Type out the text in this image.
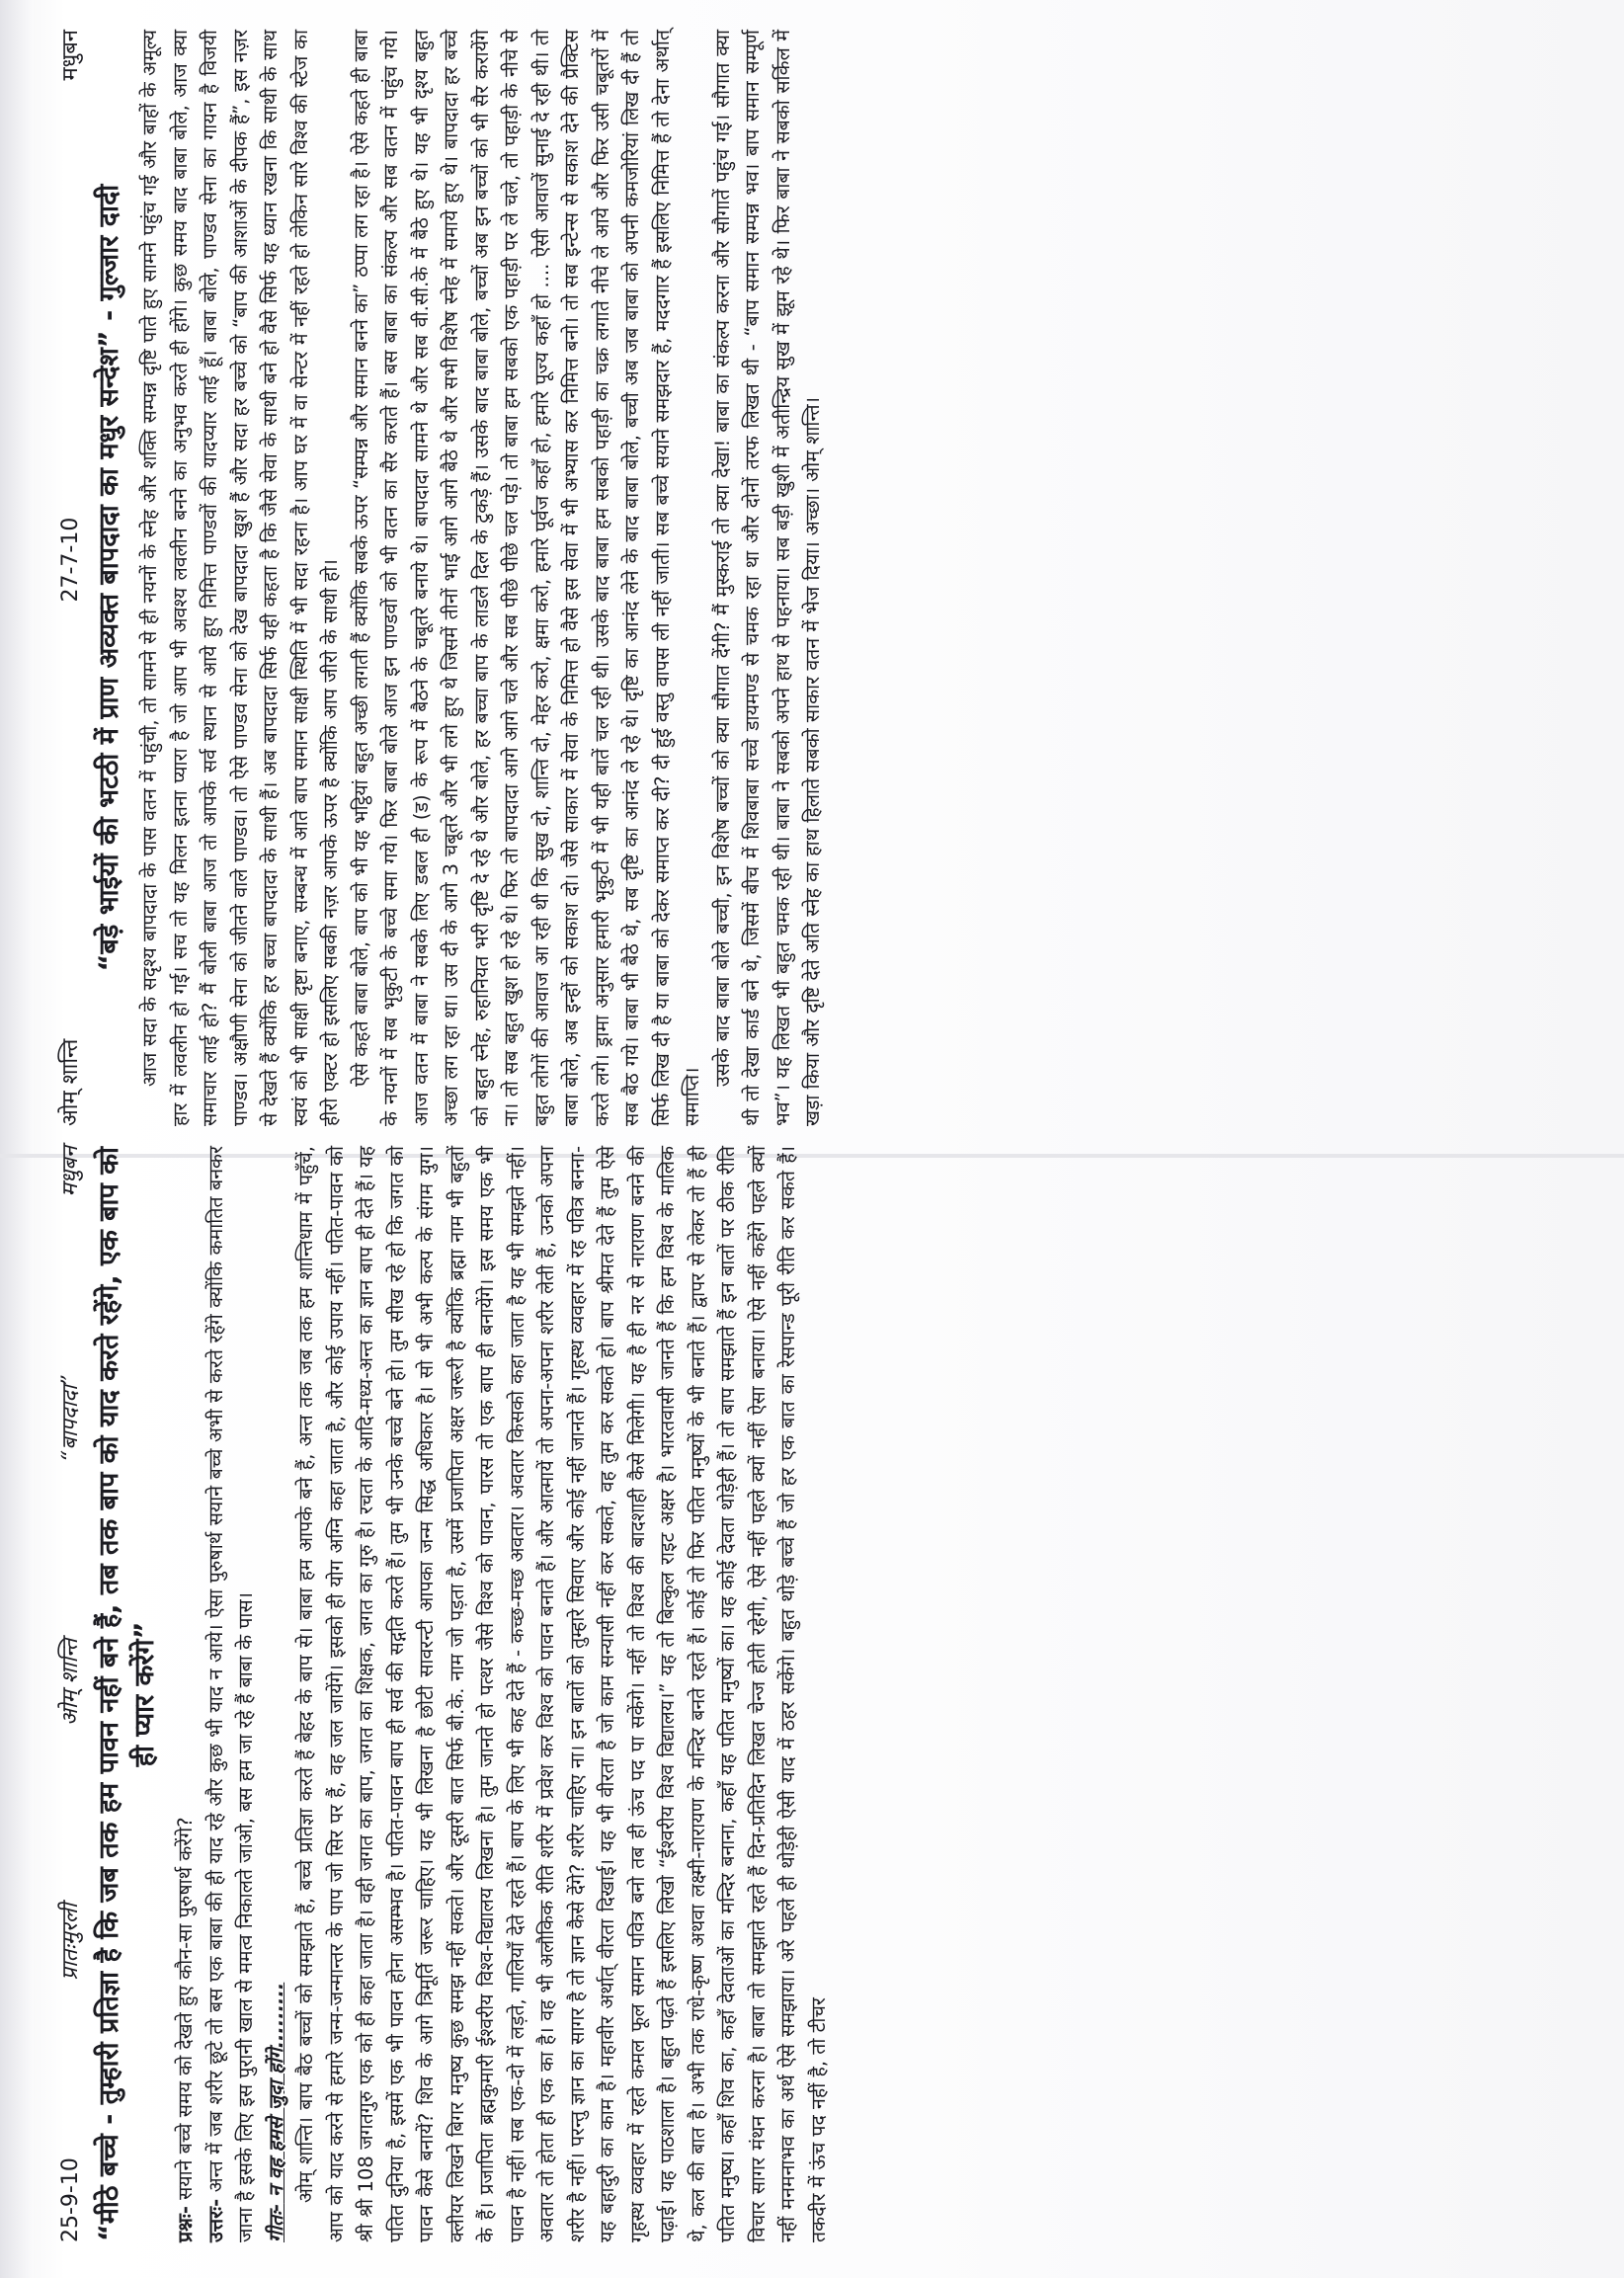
ओम् शान्ति
27-7-10
मधुबन
“बड़े भाईयों की भटठी में प्राण अव्यक्त बापदादा का मधुर सन्देश” - गुल्जार दादी आज सदा के सदृश्य बापदादा के पास वतन में पहुंची, तो सामने से ही नयनों के स्नेह और शक्ति सम्पन्न दृष्टि पाते हुए सामने पहुंच गई और बाहों के अमूल्य हार में लवलीन हो गई। सच तो यह मिलन इतना प्यारा है जो आप भी अवश्य लवलीन बनने का अनुभव करते ही होंगे। कुछ समय बाद बाबा बोले, आज क्या समाचार लाई हो? मैं बोली बाबा आज तो आपके सर्व स्थान से आये हुए निमित्त पाण्डवों की यादप्यार लाई हूँ। बाबा बोले, पाण्डव सेना का गायन है विजयी पाण्डव। अक्षौणी सेना को जीतने वाले पाण्डव। तो ऐसे पाण्डव सेना को देख बापदादा खुश हैं और सदा हर बच्चे को “बाप की आशाओं के दीपक हैं”, इस नज़र से देखते हैं क्योंकि हर बच्चा बापदादा के साथी हैं। अब बापदादा सिर्फ यही कहता है कि जैसे सेवा के साथी बने हो वैसे सिर्फ यह ध्यान रखना कि साथी के साथ स्वयं को भी साक्षी दृष्टा बनाए, सम्बन्ध में आते बाप समान साक्षी स्थिति में भी सदा रहना है। आप घर में वा सेन्टर में नहीं रहते हो लेकिन सारे विश्व की स्टेज का हीरो एक्टर हो इसलिए सबकी नज़र आपके ऊपर है क्योंकि आप जीरो के साथी हो। ऐसे कहते बाबा बोले, बाप को भी यह भट्ठियां बहुत अच्छी लगती हैं क्योंकि सबके ऊपर “सम्पन्न और समान बनने का” ठप्पा लग रहा है। ऐसे कहते ही बाबा के नयनों में सब भृकुटी के बच्चे समा गये। फिर बाबा बोले आज इन पाण्डवों को भी वतन का सैर कराते हैं। बस बाबा का संकल्प और सब वतन में पहुंच गये। आज वतन में बाबा ने सबके लिए डबल ही (ड) के रूप में बैठने के चबूतरे बनाये थे। बापदादा सामने थे और सब वी.सी.के में बैठे हुए थे। यह भी दृश्य बहुत अच्छा लग रहा था। उस दी के आगे 3 चबूतरे और भी लगे हुए थे जिसमें तीनों भाई आगे आगे बैठे थे और सभी विशेष स्नेह में समाये हुए थे। बापदादा हर बच्चे को बहुत स्नेह, रुहानियत भरी दृष्टि दे रहे थे और बोले, हर बच्चा बाप के लाडले दिल के टुकड़े हैं। उसके बाद बाबा बोले, बच्चों अब इन बच्चों को भी सैर करायेंगे ना। तो सब बहुत खुश हो रहे थे। फिर तो बापदादा आगे आगे चले और सब पीछे पीछे चल पड़े। तो बाबा हम सबको एक पहाड़ी पर ले चले, तो पहाड़ी के नीचे से बहुत लोगों की आवाज आ रही थी कि सुख दो, शान्ति दो, मेहर करो, क्षमा करो, हमारे पूर्वज कहाँ हो, हमारे पूज्य कहाँ हो .... ऐसी आवाजें सुनाई दे रही थी। तो बाबा बोले, अब इन्हों को सकाश दो। जैसे साकार में सेवा के निमित्त हो वैसे इस सेवा में भी अभ्यास कर निमित्त बनो। तो सब इन्टेन्स से सकाश देने की प्रैक्टिस करते लगे। ड्रामा अनुसार हमारी भृकुटी में भी यही बातें चल रही थी। उसके बाद बाबा हम सबको पहाड़ी का चक्र लगाते नीचे ले आये और फिर उसी चबूतरों में सब बैठ गये। बाबा भी बैठे थे, सब दृष्टि का आनंद ले रहे थे। दृष्टि का आनंद लेने के बाद बाबा बोले, बच्ची अब जब बाबा को अपनी कमजोरियां लिख दी हैं तो सिर्फ लिख दी है या बाबा को देकर समाप्त कर दी? दी हुई वस्तु वापस ली नहीं जाती। सब बच्चे सयाने समझदार हैं, मददगार हैं इसलिए निमित्त हैं तो देना अर्थात् समाप्ति।

उसके बाद बाबा बोले बच्ची, इन विशेष बच्चों को क्या सौगात देंगी? मैं मुस्कराई तो क्या देखा! बाबा का संकल्प करना और सौगातें पहुंच गई। सौगात क्या थी तो देखा कार्ड बने थे, जिसमें बीच में शिवबाबा सच्चे डायमण्ड से चमक रहा था और दोनों तरफ लिखत थी - “बाप समान सम्पन्न भव। बाप समान सम्पूर्ण भव”। यह लिखत भी बहुत चमक रही थी। बाबा ने सबको अपने हाथ से पहनाया। सब बड़ी खुशी में अतीन्द्रिय सुख में झूम रहे थे। फिर बाबा ने सबको सर्किल में खड़ा किया और दृष्टि देते अति स्नेह का हाथ हिलाते सबको साकार वतन में भेज दिया। अच्छा। ओम् शान्ति।

25-9-10
प्रातःमुरली
ओम् शान्ति
“बापदादा”
मधुबन “मीठे बच्चे - तुम्हारी प्रतिज्ञा है कि जब तक हम पावन नहीं बने हैं, तब तक बाप को याद करते रहेंगे, एक बाप को ही प्यार करेंगे”

प्रश्नः- सयाने बच्चे समय को देखते हुए कौन-सा पुरुषार्थ करेंगे?

उत्तरः- अन्त में जब शरीर छूटे तो बस एक बाबा की ही याद रहे और कुछ भी याद न आये। ऐसा पुरुषार्थ सयाने बच्चे अभी से करते रहेंगे क्योंकि कमातित बनकर जाना है इसके लिए इस पुरानी खाल से ममत्व निकालते जाओ, बस हम जा रहे हैं बाबा के पास। गीतः- न वह हमसे जुदा होंगे......... ओम् शान्ति। बाप बैठ बच्चों को समझाते हैं, बच्चे प्रतिज्ञा करते हैं बेहद के बाप से। बाबा हम आपके बने हैं, अन्त तक जब तक हम शान्तिधाम में पहुँचें, आप को याद करने से हमारे जन्म-जन्मान्तर के पाप जो सिर पर हैं, वह जल जायेंगे। इसको ही योग अग्नि कहा जाता है, और कोई उपाय नहीं। पतित-पावन को श्री श्री 108 जगतगुरु एक को ही कहा जाता है। वही जगत का बाप, जगत का शिक्षक, जगत का गुरु है। रचता के आदि-मध्य-अन्त का ज्ञान बाप ही देते हैं। यह पतित दुनिया है, इसमें एक भी पावन होना असम्भव है। पतित-पावन बाप ही सर्व की सद्गति करते हैं। तुम भी उनके बच्चे बने हो। तुम सीख रहे हो कि जगत को पावन कैसे बनायें? शिव के आगे त्रिमूर्ति जरूर चाहिए। यह भी लिखना है छोटी सावरन्टी आपका जन्म सिद्ध अधिकार है। सो भी अभी कल्प के संगम युग। क्लीयर लिखने बिगर मनुष्य कुछ समझ नहीं सकते। और दूसरी बात सिर्फ बी.के. नाम जो पड़ता है, उसमें प्रजापिता अक्षर जरूरी है क्योंकि ब्रह्मा नाम भी बहुतों के हैं। प्रजापिता ब्रह्मकुमारी ईश्वरीय विश्व-विद्यालय लिखना है। तुम जानते हो पत्थर जैसे विश्व को पावन, पारस तो एक बाप ही बनायेंगे। इस समय एक भी पावन है नहीं। सब एक-दो में लड़ते, गालियाँ देते रहते हैं। बाप के लिए भी कह देते हैं - कच्छ-मच्छ अवतार। अवतार किसको कहा जाता है यह भी समझते नहीं। अवतार तो होता ही एक का है। वह भी अलौकिक रीति शरीर में प्रवेश कर विश्व को पावन बनाते हैं। और आत्मायें तो अपना-अपना शरीर लेती हैं, उनको अपना शरीर है नहीं। परन्तु ज्ञान का सागर है तो ज्ञान कैसे देंगे? शरीर चाहिए ना। इन बातों को तुम्हारे सिवाए और कोई नहीं जानते हैं। गृहस्थ व्यवहार में रह पवित्र बनना-यह बहादुरी का काम है। महावीर अर्थात् वीरता दिखाई। यह भी वीरता है जो काम सन्यासी नहीं कर सकते, वह तुम कर सकते हो। बाप श्रीमत देते हैं तुम ऐसे गृहस्थ व्यवहार में रहते कमल फूल समान पवित्र बनो तब ही ऊंच पद पा सकेंगे। नहीं तो विश्व की बादशाही कैसे मिलेगी। यह है ही नर से नारायण बनने की पढ़ाई। यह पाठशाला है। बहुत पढ़ते हैं इसलिए लिखो “ईश्वरीय विश्व विद्यालय।” यह तो बिल्कुल राइट अक्षर है। भारतवासी जानते हैं कि हम विश्व के मालिक थे, कल की बात है। अभी तक राधे-कृष्ण अथवा लक्ष्मी-नारायण के मन्दिर बनते रहते हैं। कोई तो फिर पतित मनुष्यों के भी बनाते हैं। द्वापर से लेकर तो हैं ही पतित मनुष्य। कहाँ शिव का, कहाँ देवताओं का मन्दिर बनाना, कहाँ यह पतित मनुष्यों का। यह कोई देवता थोड़ेही हैं। तो बाप समझाते हैं इन बातों पर ठीक रीति विचार सागर मंथन करना है। बाबा तो समझाते रहते हैं दिन-प्रतिदिन लिखत चेन्ज होती रहेगी, ऐसे नहीं पहले क्यों नहीं ऐसा बनाया। ऐसे नहीं कहेंगे पहले क्यों नहीं मनमनाभव का अर्थ ऐसे समझाया। अरे पहले ही थोड़ेही ऐसी याद में ठहर सकेंगे। बहुत थोड़े बच्चे हैं जो हर एक बात का रेसपान्ड पूरी रीति कर सकते हैं। तकदीर में ऊंच पद नहीं है, तो टीचर
